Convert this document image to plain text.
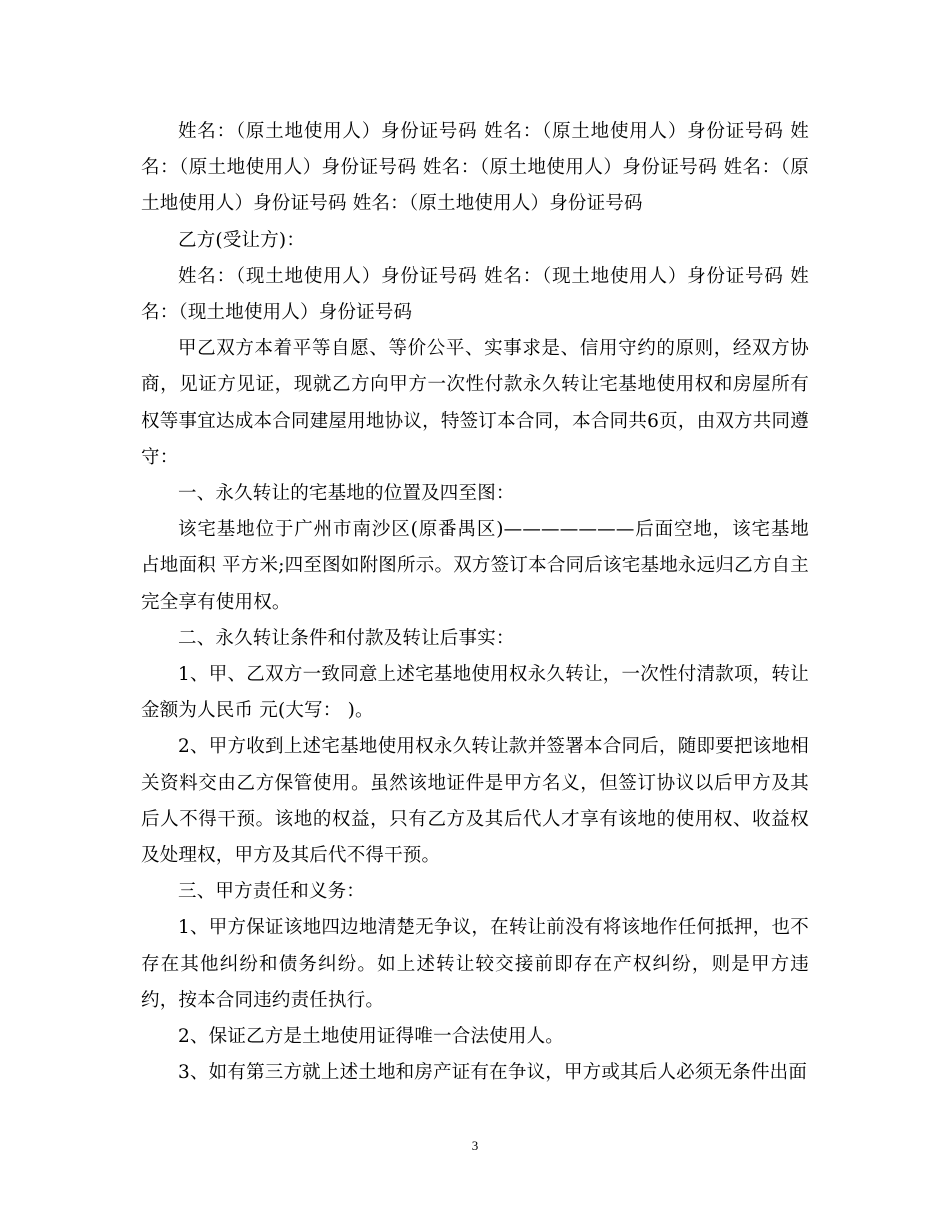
姓名：（原土地使用人）身份证号码 姓名：（原土地使用人）身份证号码 姓名：（原土地使用人）身份证号码 姓名：（原土地使用人）身份证号码 姓名：（原土地使用人）身份证号码 姓名：（原土地使用人）身份证号码

乙方(受让方)：

姓名：（现土地使用人）身份证号码 姓名：（现土地使用人）身份证号码 姓名：（现土地使用人）身份证号码

甲乙双方本着平等自愿、等价公平、实事求是、信用守约的原则，经双方协商，见证方见证，现就乙方向甲方一次性付款永久转让宅基地使用权和房屋所有权等事宜达成本合同建屋用地协议，特签订本合同，本合同共6页，由双方共同遵守：

一、永久转让的宅基地的位置及四至图：

该宅基地位于广州市南沙区(原番禺区)———————后面空地，该宅基地占地面积 平方米;四至图如附图所示。双方签订本合同后该宅基地永远归乙方自主完全享有使用权。

二、永久转让条件和付款及转让后事实：

1、甲、乙双方一致同意上述宅基地使用权永久转让，一次性付清款项，转让金额为人民币 元(大写： )。

2、甲方收到上述宅基地使用权永久转让款并签署本合同后，随即要把该地相关资料交由乙方保管使用。虽然该地证件是甲方名义，但签订协议以后甲方及其后人不得干预。该地的权益，只有乙方及其后代人才享有该地的使用权、收益权及处理权，甲方及其后代不得干预。

三、甲方责任和义务：

1、甲方保证该地四边地清楚无争议，在转让前没有将该地作任何抵押，也不存在其他纠纷和债务纠纷。如上述转让较交接前即存在产权纠纷，则是甲方违约，按本合同违约责任执行。

2、保证乙方是土地使用证得唯一合法使用人。

3、如有第三方就上述土地和房产证有在争议，甲方或其后人必须无条件出面

3
